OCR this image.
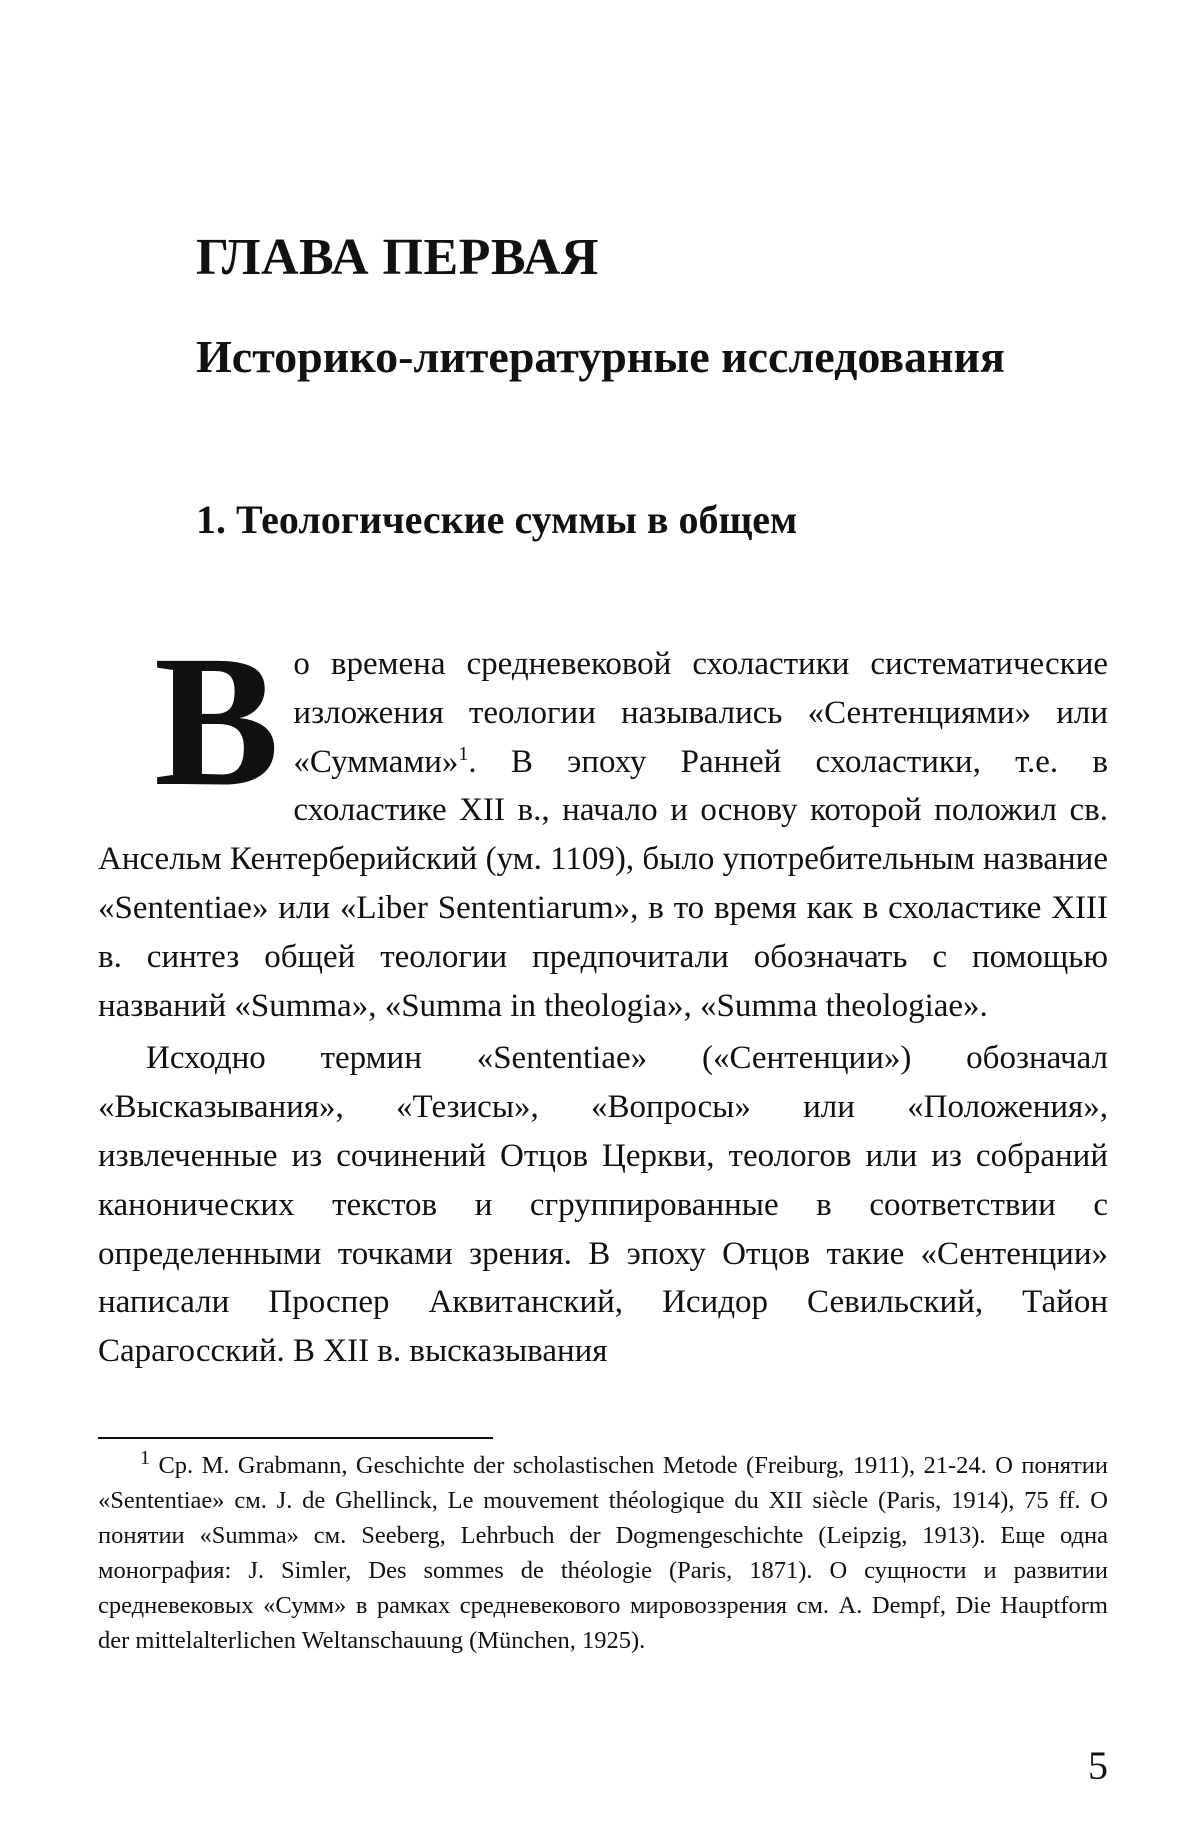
ГЛАВА ПЕРВАЯ
Историко-литературные исследования
1. Теологические суммы в общем

Во времена средневековой схоластики систематические изложения теологии назывались «Сентенциями» или «Суммами»$^1$. В эпоху Ранней схоластики, т.е. в схоластике XII в., начало и основу которой положил св. Ансельм Кентерберийский (ум. 1109), было употребительным название «Sententiae» или «Liber Sententiarum», в то время как в схоластике XIII в. синтез общей теологии предпочитали обозначать с помощью названий «Summa», «Summa in theologia», «Summa theologiae».

Исходно термин «Sententiae» («Сентенции») обозначал «Высказывания», «Тезисы», «Вопросы» или «Положения», извлеченные из сочинений Отцов Церкви, теологов или из собраний канонических текстов и сгруппированные в соответствии с определенными точками зрения. В эпоху Отцов такие «Сентенции» написали Проспер Аквитанский, Исидор Севильский, Тайон Сарагосский. В XII в. высказывания

$^1$ Ср. M. Grabmann, Geschichte der scholastischen Metode (Freiburg, 1911), 21-24. О понятии «Sententiae» см. J. de Ghellinck, Le mouvement théologique du XII siècle (Paris, 1914), 75 ff. О понятии «Summa» см. Seeberg, Lehrbuch der Dogmengeschichte (Leipzig, 1913). Еще одна монография: J. Simler, Des sommes de théologie (Paris, 1871). О сущности и развитии средневековых «Сумм» в рамках средневекового мировоззрения см. A. Dempf, Die Hauptform der mittelalterlichen Weltanschauung (München, 1925).

5
